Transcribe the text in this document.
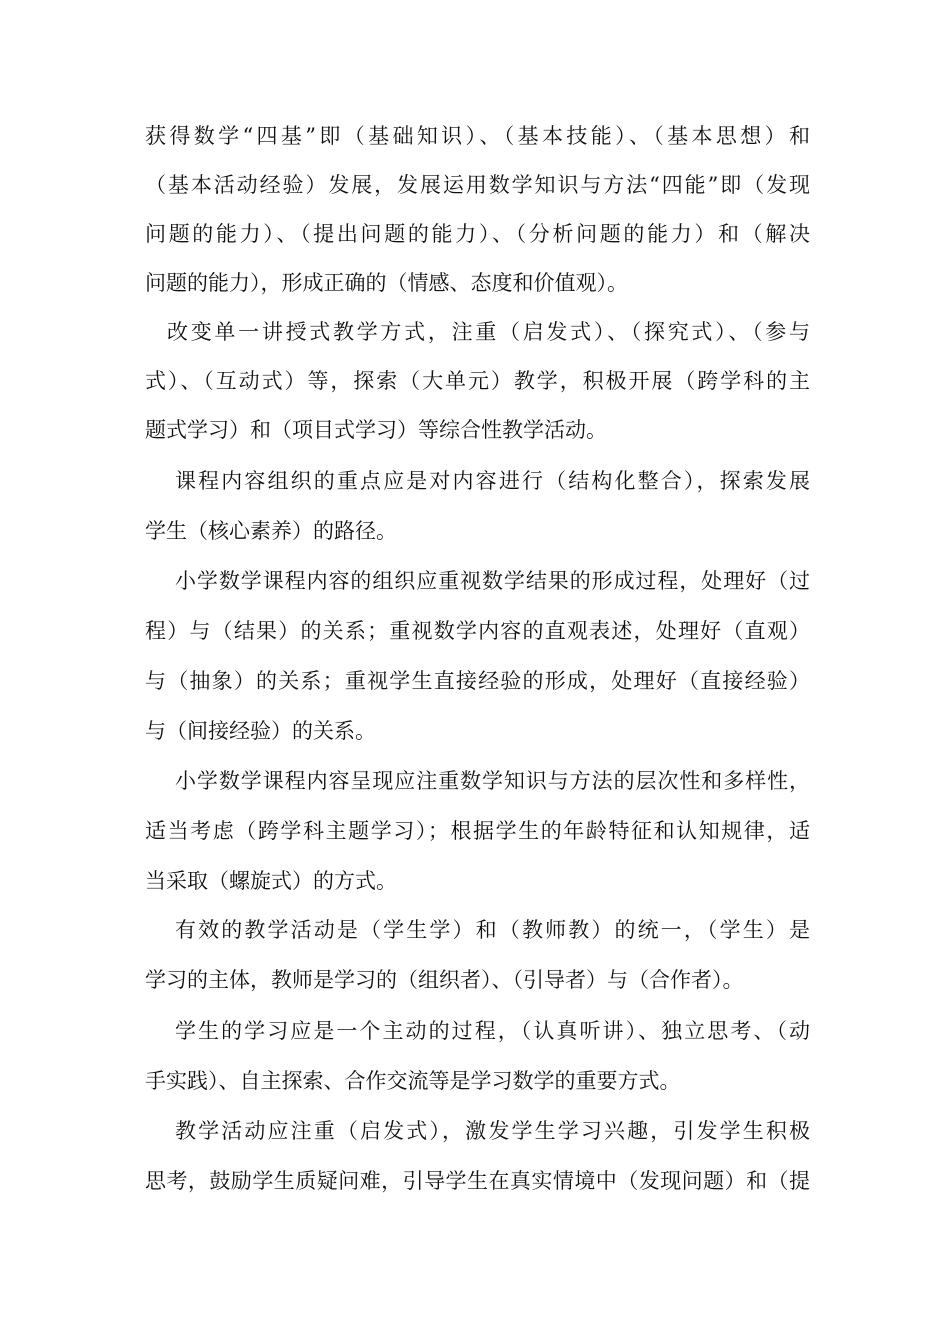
获得数学“四基”即（基础知识）、（基本技能）、（基本思想）和
（基本活动经验）发展，发展运用数学知识与方法“四能”即（发现
问题的能力）、（提出问题的能力）、（分析问题的能力）和（解决
问题的能力），形成正确的（情感、态度和价值观）。
改变单一讲授式教学方式，注重（启发式）、（探究式）、（参与
式）、（互动式）等，探索（大单元）教学，积极开展（跨学科的主
题式学习）和（项目式学习）等综合性教学活动。
课程内容组织的重点应是对内容进行（结构化整合），探索发展
学生（核心素养）的路径。
小学数学课程内容的组织应重视数学结果的形成过程，处理好（过
程）与（结果）的关系；重视数学内容的直观表述，处理好（直观）
与（抽象）的关系；重视学生直接经验的形成，处理好（直接经验）
与（间接经验）的关系。
小学数学课程内容呈现应注重数学知识与方法的层次性和多样性，
适当考虑（跨学科主题学习）；根据学生的年龄特征和认知规律，适
当采取（螺旋式）的方式。
有效的教学活动是（学生学）和（教师教）的统一，（学生）是
学习的主体，教师是学习的（组织者）、（引导者）与（合作者）。
学生的学习应是一个主动的过程，（认真听讲）、独立思考、（动
手实践）、自主探索、合作交流等是学习数学的重要方式。
教学活动应注重（启发式），激发学生学习兴趣，引发学生积极
思考，鼓励学生质疑问难，引导学生在真实情境中（发现问题）和（提
